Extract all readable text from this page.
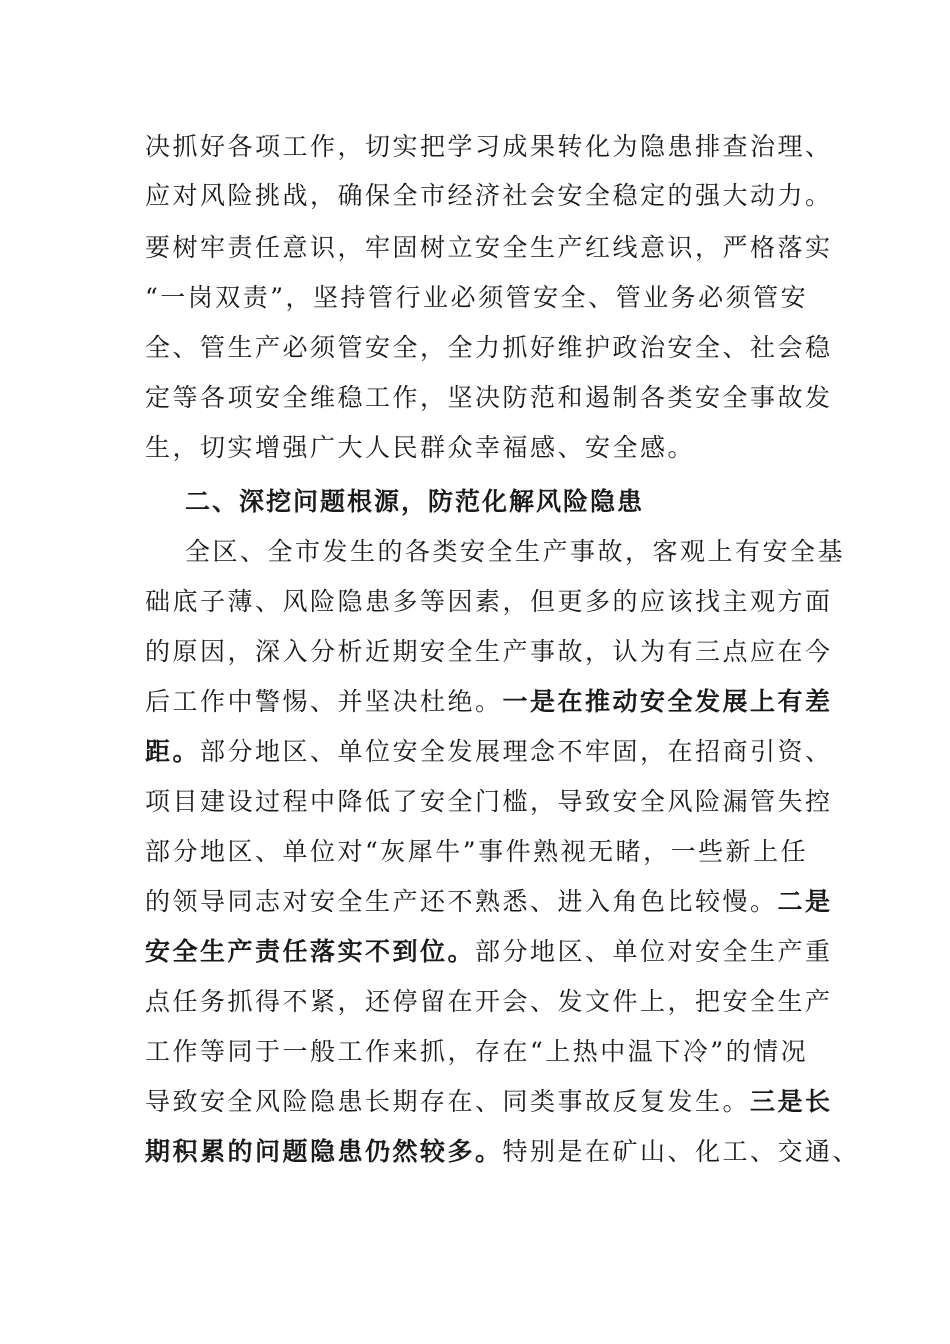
决抓好各项工作，切实把学习成果转化为隐患排查治理、
应对风险挑战，确保全市经济社会安全稳定的强大动力。
要树牢责任意识，牢固树立安全生产红线意识，严格落实
“一岗双责”，坚持管行业必须管安全、管业务必须管安
全、管生产必须管安全，全力抓好维护政治安全、社会稳
定等各项安全维稳工作，坚决防范和遏制各类安全事故发
生，切实增强广大人民群众幸福感、安全感。
二、深挖问题根源，防范化解风险隐患
全区、全市发生的各类安全生产事故，客观上有安全基
础底子薄、风险隐患多等因素，但更多的应该找主观方面
的原因，深入分析近期安全生产事故，认为有三点应在今
后工作中警惕、并坚决杜绝。一是在推动安全发展上有差
距。部分地区、单位安全发展理念不牢固，在招商引资、
项目建设过程中降低了安全门槛，导致安全风险漏管失控
部分地区、单位对“灰犀牛”事件熟视无睹，一些新上任
的领导同志对安全生产还不熟悉、进入角色比较慢。二是
安全生产责任落实不到位。部分地区、单位对安全生产重
点任务抓得不紧，还停留在开会、发文件上，把安全生产
工作等同于一般工作来抓，存在“上热中温下冷”的情况
导致安全风险隐患长期存在、同类事故反复发生。三是长
期积累的问题隐患仍然较多。特别是在矿山、化工、交通、
